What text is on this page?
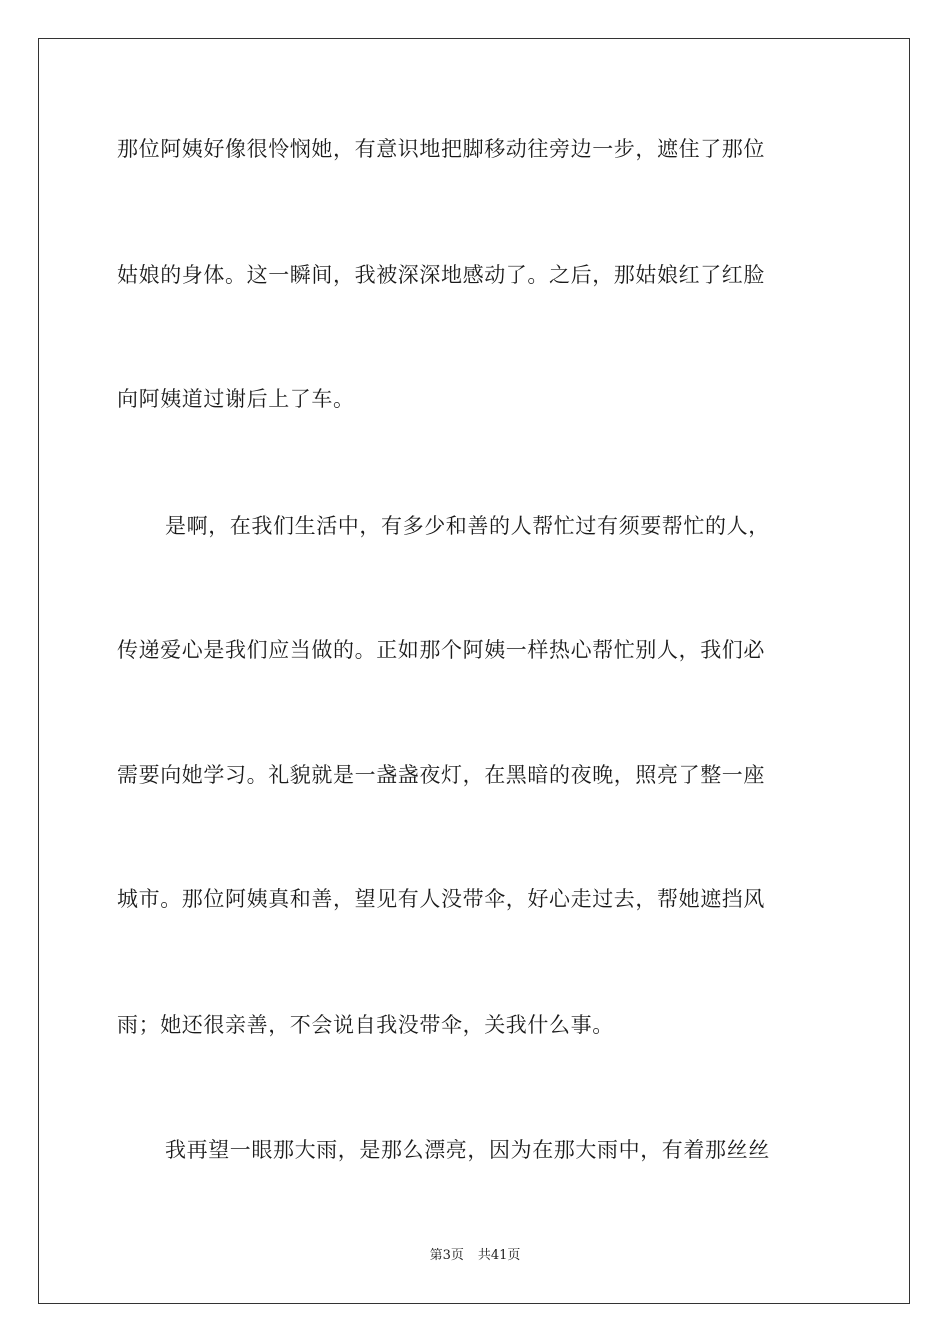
那位阿姨好像很怜悯她，有意识地把脚移动往旁边一步，遮住了那位
姑娘的身体。这一瞬间，我被深深地感动了。之后，那姑娘红了红脸
向阿姨道过谢后上了车。
是啊，在我们生活中，有多少和善的人帮忙过有须要帮忙的人，
传递爱心是我们应当做的。正如那个阿姨一样热心帮忙别人，我们必
需要向她学习。礼貌就是一盏盏夜灯，在黑暗的夜晚，照亮了整一座
城市。那位阿姨真和善，望见有人没带伞，好心走过去，帮她遮挡风
雨；她还很亲善，不会说自我没带伞，关我什么事。
我再望一眼那大雨，是那么漂亮，因为在那大雨中，有着那丝丝
第3页 共41页
